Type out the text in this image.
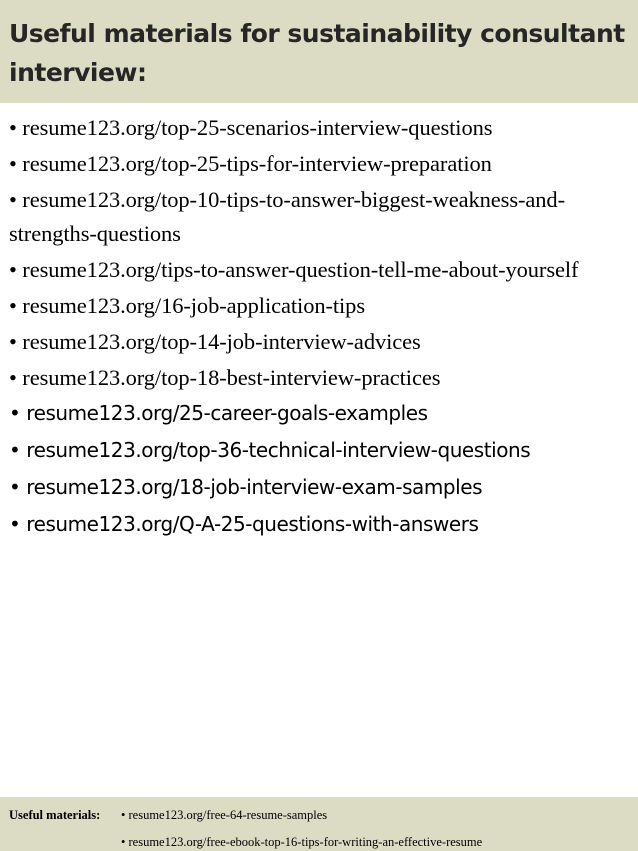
Useful materials for sustainability consultant interview:
• resume123.org/top-25-scenarios-interview-questions
• resume123.org/top-25-tips-for-interview-preparation
• resume123.org/top-10-tips-to-answer-biggest-weakness-and-strengths-questions
• resume123.org/tips-to-answer-question-tell-me-about-yourself
• resume123.org/16-job-application-tips
• resume123.org/top-14-job-interview-advices
• resume123.org/top-18-best-interview-practices
• resume123.org/25-career-goals-examples
• resume123.org/top-36-technical-interview-questions
• resume123.org/18-job-interview-exam-samples
• resume123.org/Q-A-25-questions-with-answers
Useful materials: • resume123.org/free-64-resume-samples
• resume123.org/free-ebook-top-16-tips-for-writing-an-effective-resume
